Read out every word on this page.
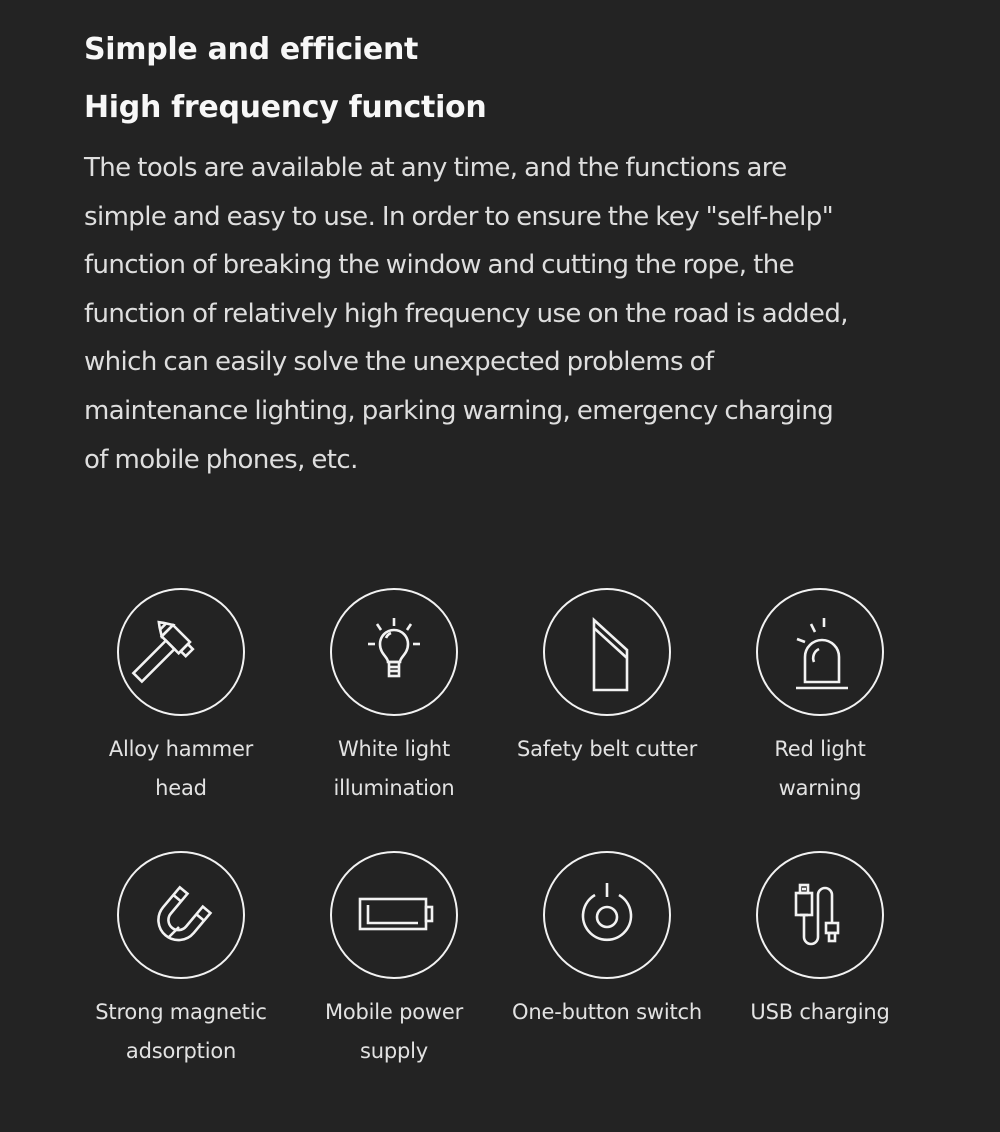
Simple and efficient
High frequency function
The tools are available at any time, and the functions are
simple and easy to use. In order to ensure the key "self-help"
function of breaking the window and cutting the rope, the
function of relatively high frequency use on the road is added,
which can easily solve the unexpected problems of
maintenance lighting, parking warning, emergency charging
of mobile phones, etc.
Alloy hammer
head
White light
illumination
Safety belt cutter	Red light
warning
Strong magnetic
adsorption
Mobile power
supply
One-button switch	USB charging
